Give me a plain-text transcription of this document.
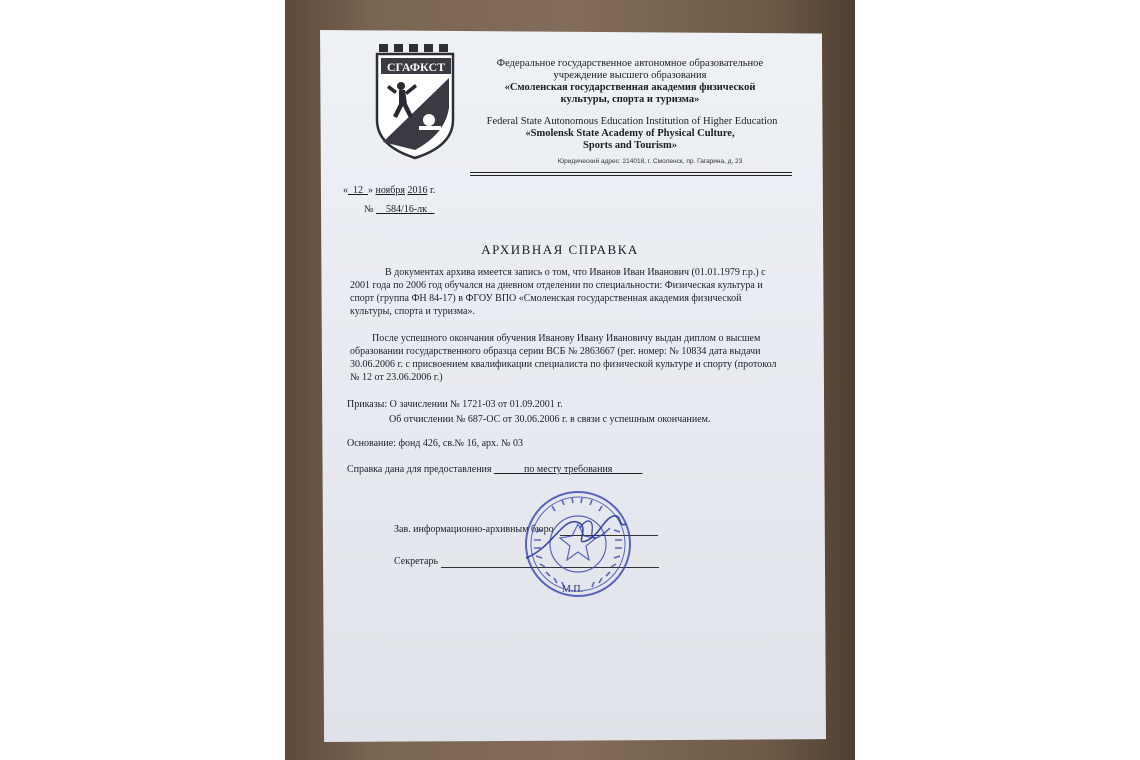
СГАФКСТ	Федеральное государственное автономное образовательное
учреждение высшего образования
«Смоленская государственная академия физической
культуры, спорта и туризма»
Federal State Autonomous Education Institution of Higher Education
«Smolensk State Academy of Physical Culture,
Sports and Tourism»
Юридический адрес: 214018, г. Смоленск, пр. Гагарина, д. 23
« 12 » ноября 2016 г.
№ 584/16-лк
АРХИВНАЯ СПРАВКА
В документах архива имеется запись о том, что Иванов Иван Иванович (01.01.1979 г.р.) с
2001 года по 2006 год обучался на дневном отделении по специальности: Физическая культура и
спорт (группа ФН 84-17) в ФГОУ ВПО «Смоленская государственная академия физической
культуры, спорта и туризма».
После успешного окончания обучения Иванову Ивану Ивановичу выдан диплом о высшем
образовании государственного образца серии ВСБ № 2863667 (рег. номер: № 10834 дата выдачи
30.06.2006 г. с присвоением квалификации специалиста по физической культуре и спорту (протокол
№ 12 от 23.06.2006 г.)
Приказы: О зачислении № 1721-03 от 01.09.2001 г.
Об отчислении № 687-ОС от 30.06.2006 г. в связи с успешным окончанием.
Основание: фонд 426, св.№ 16, арх. № 03
Справка дана для предоставления	по месту требования
Зав. информационно-архивным бюро
Секретарь
М.П.
